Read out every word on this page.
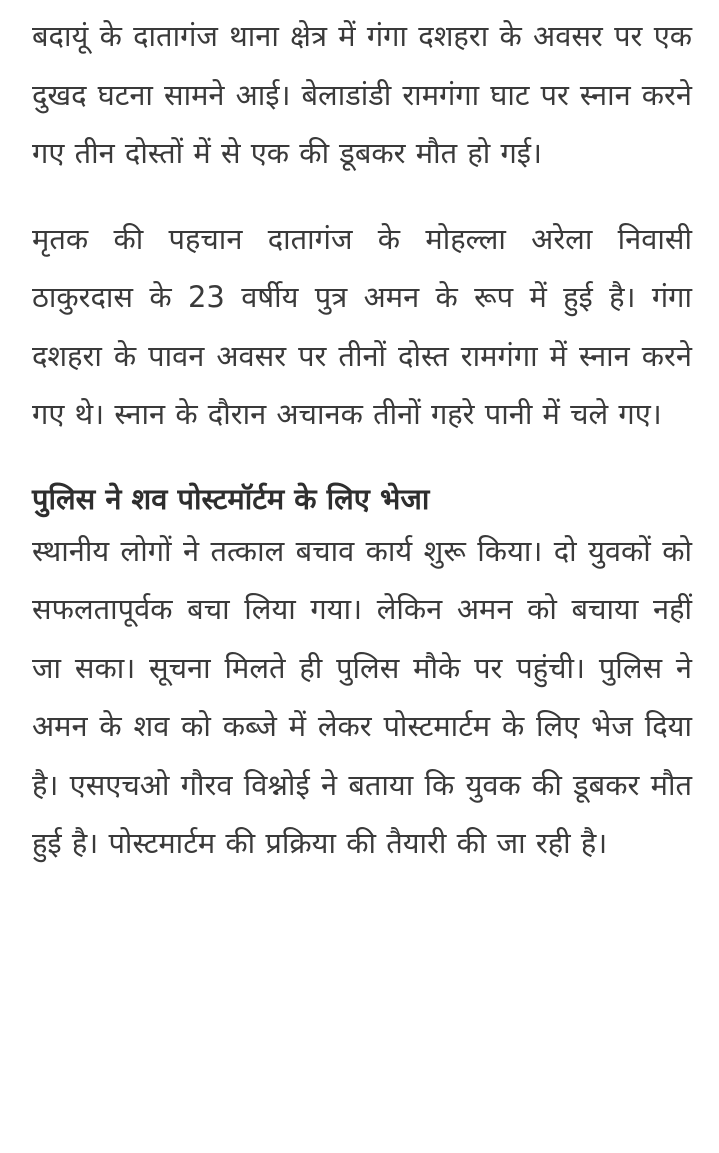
बदायूं के दातागंज थाना क्षेत्र में गंगा दशहरा के अवसर पर एक दुखद घटना सामने आई। बेलाडांडी रामगंगा घाट पर स्नान करने गए तीन दोस्तों में से एक की डूबकर मौत हो गई।

मृतक की पहचान दातागंज के मोहल्ला अरेला निवासी ठाकुरदास के 23 वर्षीय पुत्र अमन के रूप में हुई है। गंगा दशहरा के पावन अवसर पर तीनों दोस्त रामगंगा में स्नान करने गए थे। स्नान के दौरान अचानक तीनों गहरे पानी में चले गए।

पुलिस ने शव पोस्टमॉर्टम के लिए भेजा

स्थानीय लोगों ने तत्काल बचाव कार्य शुरू किया। दो युवकों को सफलतापूर्वक बचा लिया गया। लेकिन अमन को बचाया नहीं जा सका। सूचना मिलते ही पुलिस मौके पर पहुंची। पुलिस ने अमन के शव को कब्जे में लेकर पोस्टमार्टम के लिए भेज दिया है। एसएचओ गौरव विश्नोई ने बताया कि युवक की डूबकर मौत हुई है। पोस्टमार्टम की प्रक्रिया की तैयारी की जा रही है।
